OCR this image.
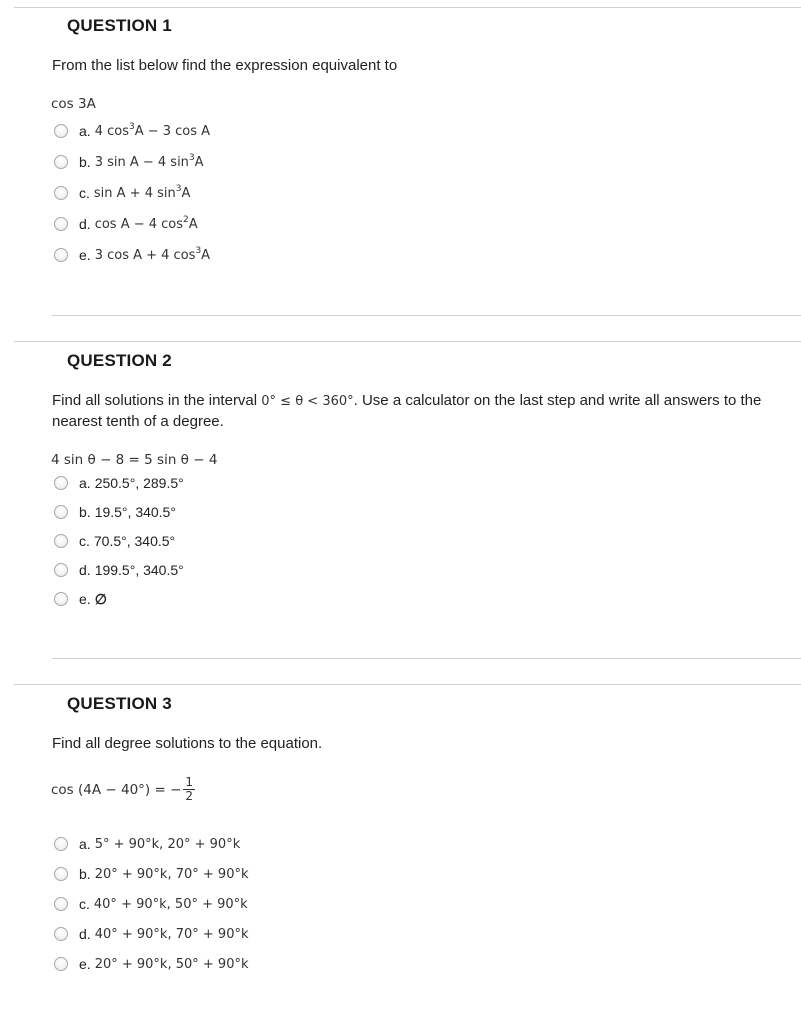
QUESTION 1
From the list below find the expression equivalent to
cos 3A
a. 4 $\cos^3A - 3$ cos A
b. 3 sin A − 4 $\sin^3A$
c. sin A + 4 $\sin^3A$
d. cos A − 4 $\cos^2A$
e. 3 cos A + 4 $\cos^3A$
QUESTION 2
Find all solutions in the interval 0° ≤ θ < 360°. Use a calculator on the last step and write all answers to the nearest tenth of a degree.
4 sin θ − 8 = 5 sin θ − 4
a. 250.5°, 289.5°
b. 19.5°, 340.5°
c. 70.5°, 340.5°
d. 199.5°, 340.5°
e. ∅
QUESTION 3
Find all degree solutions to the equation.
cos (4A − 40°) = − $\frac{1}{2}$
a. 5° + 90°k, 20° + 90°k
b. 20° + 90°k, 70° + 90°k
c. 40° + 90°k, 50° + 90°k
d. 40° + 90°k, 70° + 90°k
e. 20° + 90°k, 50° + 90°k
